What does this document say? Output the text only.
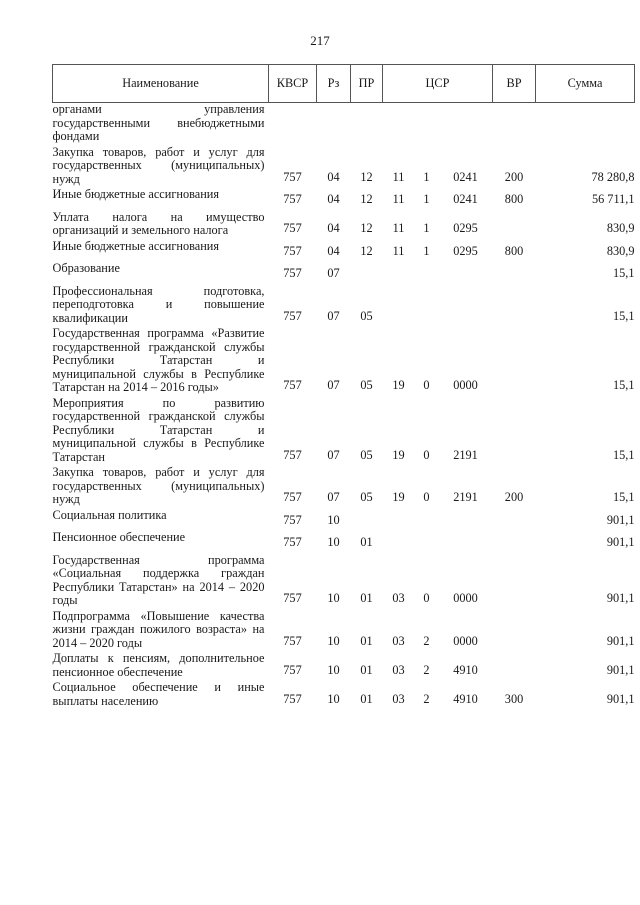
217
Наименование	КВСР	Рз	ПР	ЦСР			ВР	Сумма
органами управления государственными внебюджетными фондами								
Закупка товаров, работ и услуг для государственных (муниципальных) нужд	757	04	12	11	1	0241	200	78 280,8
Иные бюджетные ассигнования	757	04	12	11	1	0241	800	56 711,1
Уплата налога на имущество организаций и земельного налога	757	04	12	11	1	0295		830,9
Иные бюджетные ассигнования	757	04	12	11	1	0295	800	830,9
Образование	757	07						15,1
Профессиональная подготовка, переподготовка и повышение квалификации	757	07	05					15,1
Государственная программа «Развитие государственной гражданской службы Республики Татарстан и муниципальной службы в Республике Татарстан на 2014 – 2016 годы»	757	07	05	19	0	0000		15,1
Мероприятия по развитию государственной гражданской службы Республики Татарстан и муниципальной службы в Республике Татарстан	757	07	05	19	0	2191		15,1
Закупка товаров, работ и услуг для государственных (муниципальных) нужд	757	07	05	19	0	2191	200	15,1
Социальная политика	757	10						901,1
Пенсионное обеспечение	757	10	01					901,1
Государственная программа «Социальная поддержка граждан Республики Татарстан» на 2014 – 2020 годы	757	10	01	03	0	0000		901,1
Подпрограмма «Повышение качества жизни граждан пожилого возраста» на 2014 – 2020 годы	757	10	01	03	2	0000		901,1
Доплаты к пенсиям, дополнительное пенсионное обеспечение	757	10	01	03	2	4910		901,1
Социальное обеспечение и иные выплаты населению	757	10	01	03	2	4910	300	901,1
